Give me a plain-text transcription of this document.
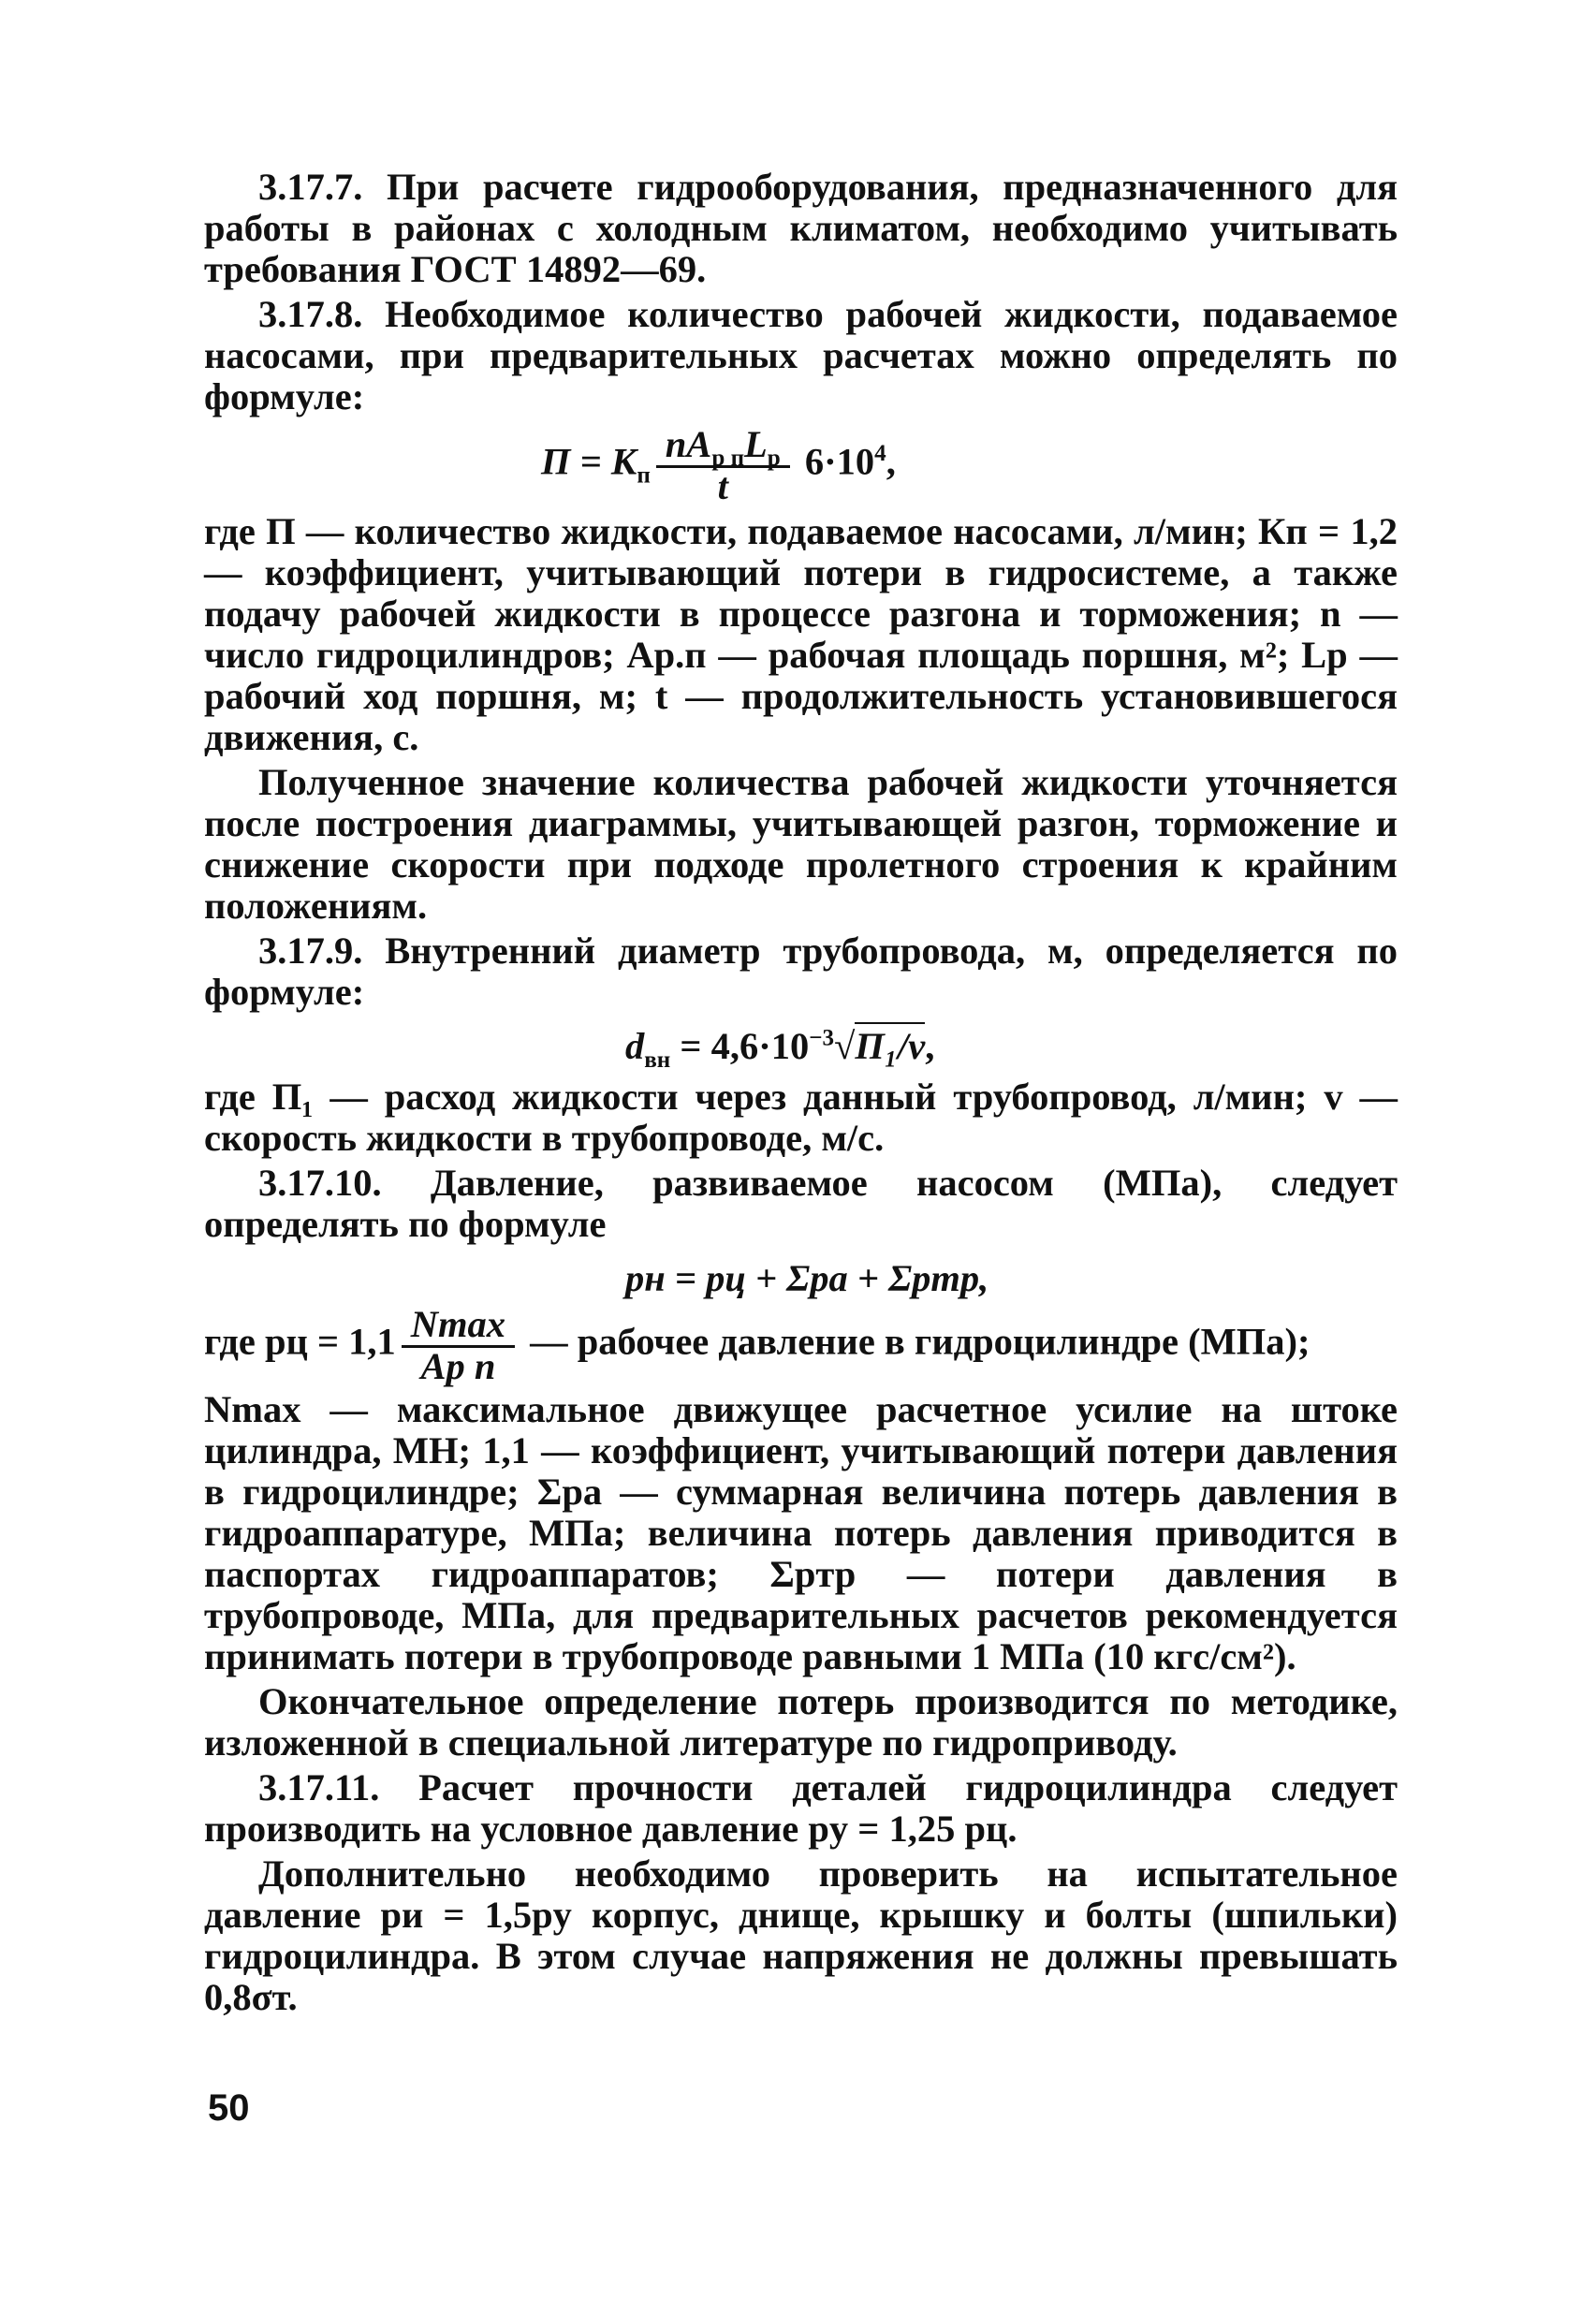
3.17.7. При расчете гидрооборудования, предназначенного для работы в районах с холодным климатом, необходимо учитывать требования ГОСТ 14892—69.

3.17.8. Необходимое количество рабочей жидкости, подаваемое насосами, при предварительных расчетах можно определять по формуле:

$П = К_п \frac{nA_{р п}L_р}{t} 6\cdot 10^4$,

где П — количество жидкости, подаваемое насосами, л/мин; Кп = 1,2 — коэффициент, учитывающий потери в гидросистеме, а также подачу рабочей жидкости в процессе разгона и торможения; n — число гидроцилиндров; Ар.п — рабочая площадь поршня, м²; Lр — рабочий ход поршня, м; t — продолжительность установившегося движения, с.

Полученное значение количества рабочей жидкости уточняется после построения диаграммы, учитывающей разгон, торможение и снижение скорости при подходе пролетного строения к крайним положениям.

3.17.9. Внутренний диаметр трубопровода, м, определяется по формуле:

$d_{вн} = 4,6\cdot 10^{-3}√П_1/v$,

где П₁ — расход жидкости через данный трубопровод, л/мин; v — скорость жидкости в трубопроводе, м/с.

3.17.10. Давление, развиваемое насосом (МПа), следует определять по формуле

pн = pц + Σpа + Σpтр,
где pц = $1,1 \frac{Nmax}{\text{Ap п}}$ — рабочее давление в гидроцилиндре (МПа);

Nmax — максимальное движущее расчетное усилие на штоке цилиндра, МН; 1,1 — коэффициент, учитывающий потери давления в гидроцилиндре; Σpа — суммарная величина потерь давления в гидроаппаратуре, МПа; величина потерь давления приводится в паспортах гидроаппаратов; Σpтр — потери давления в трубопроводе, МПа, для предварительных расчетов рекомендуется принимать потери в трубопроводе равными 1 МПа (10 кгс/см²).

Окончательное определение потерь производится по методике, изложенной в специальной литературе по гидроприводу.

3.17.11. Расчет прочности деталей гидроцилиндра следует производить на условное давление pу = 1,25 pц.

Дополнительно необходимо проверить на испытательное давление pи = 1,5pу корпус, днище, крышку и болты (шпильки) гидроцилиндра. В этом случае напряжения не должны превышать 0,8σт.

50
